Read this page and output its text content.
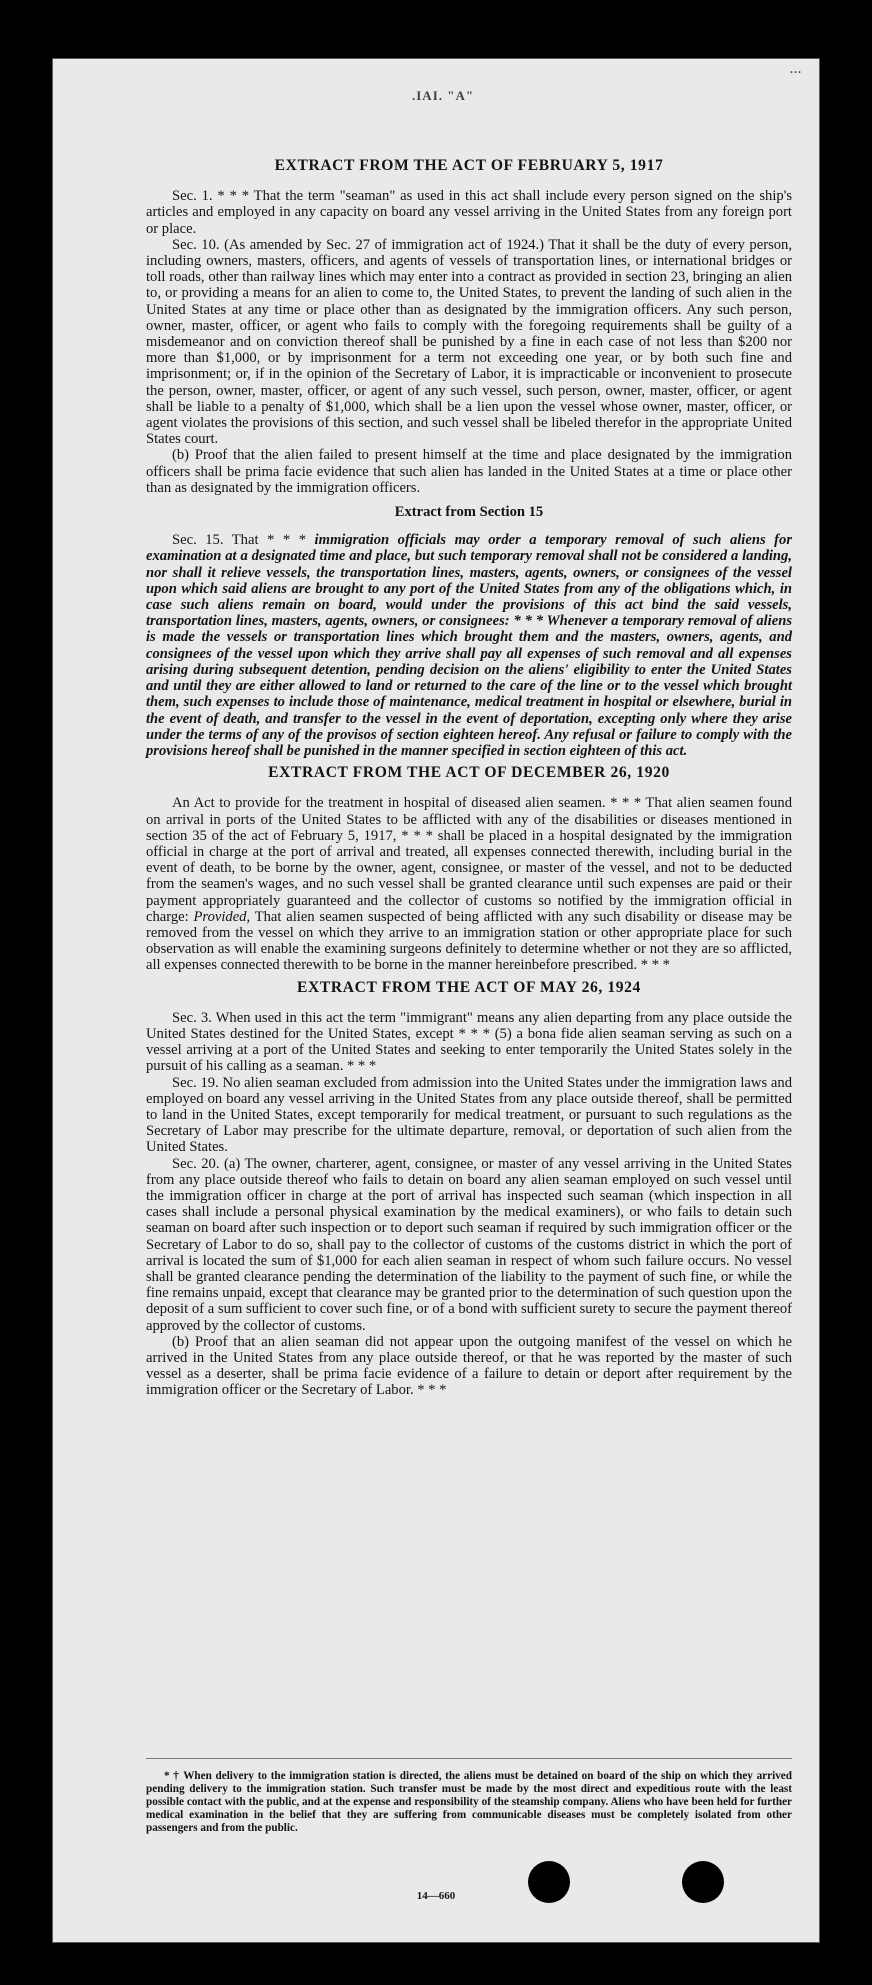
.IAI. "A"
...
EXTRACT FROM THE ACT OF FEBRUARY 5, 1917

Sec. 1. * * * That the term "seaman" as used in this act shall include every person signed on the ship's articles and employed in any capacity on board any vessel arriving in the United States from any foreign port or place.

Sec. 10. (As amended by Sec. 27 of immigration act of 1924.) That it shall be the duty of every person, including owners, masters, officers, and agents of vessels of transportation lines, or international bridges or toll roads, other than railway lines which may enter into a contract as provided in section 23, bringing an alien to, or providing a means for an alien to come to, the United States, to prevent the landing of such alien in the United States at any time or place other than as designated by the immigration officers. Any such person, owner, master, officer, or agent who fails to comply with the foregoing requirements shall be guilty of a misdemeanor and on conviction thereof shall be punished by a fine in each case of not less than $200 nor more than $1,000, or by imprisonment for a term not exceeding one year, or by both such fine and imprisonment; or, if in the opinion of the Secretary of Labor, it is impracticable or inconvenient to prosecute the person, owner, master, officer, or agent of any such vessel, such person, owner, master, officer, or agent shall be liable to a penalty of $1,000, which shall be a lien upon the vessel whose owner, master, officer, or agent violates the provisions of this section, and such vessel shall be libeled therefor in the appropriate United States court.

(b) Proof that the alien failed to present himself at the time and place designated by the immigration officers shall be prima facie evidence that such alien has landed in the United States at a time or place other than as designated by the immigration officers.

Extract from Section 15

Sec. 15. That * * * immigration officials may order a temporary removal of such aliens for examination at a designated time and place, but such temporary removal shall not be considered a landing, nor shall it relieve vessels, the transportation lines, masters, agents, owners, or consignees of the vessel upon which said aliens are brought to any port of the United States from any of the obligations which, in case such aliens remain on board, would under the provisions of this act bind the said vessels, transportation lines, masters, agents, owners, or consignees: * * * Whenever a temporary removal of aliens is made the vessels or transportation lines which brought them and the masters, owners, agents, and consignees of the vessel upon which they arrive shall pay all expenses of such removal and all expenses arising during subsequent detention, pending decision on the aliens' eligibility to enter the United States and until they are either allowed to land or returned to the care of the line or to the vessel which brought them, such expenses to include those of maintenance, medical treatment in hospital or elsewhere, burial in the event of death, and transfer to the vessel in the event of deportation, excepting only where they arise under the terms of any of the provisos of section eighteen hereof. Any refusal or failure to comply with the provisions hereof shall be punished in the manner specified in section eighteen of this act.

EXTRACT FROM THE ACT OF DECEMBER 26, 1920

An Act to provide for the treatment in hospital of diseased alien seamen. * * * That alien seamen found on arrival in ports of the United States to be afflicted with any of the disabilities or diseases mentioned in section 35 of the act of February 5, 1917, * * * shall be placed in a hospital designated by the immigration official in charge at the port of arrival and treated, all expenses connected therewith, including burial in the event of death, to be borne by the owner, agent, consignee, or master of the vessel, and not to be deducted from the seamen's wages, and no such vessel shall be granted clearance until such expenses are paid or their payment appropriately guaranteed and the collector of customs so notified by the immigration official in charge: Provided, That alien seamen suspected of being afflicted with any such disability or disease may be removed from the vessel on which they arrive to an immigration station or other appropriate place for such observation as will enable the examining surgeons definitely to determine whether or not they are so afflicted, all expenses connected therewith to be borne in the manner hereinbefore prescribed. * * *

EXTRACT FROM THE ACT OF MAY 26, 1924

Sec. 3. When used in this act the term "immigrant" means any alien departing from any place outside the United States destined for the United States, except * * * (5) a bona fide alien seaman serving as such on a vessel arriving at a port of the United States and seeking to enter temporarily the United States solely in the pursuit of his calling as a seaman. * * *

Sec. 19. No alien seaman excluded from admission into the United States under the immigration laws and employed on board any vessel arriving in the United States from any place outside thereof, shall be permitted to land in the United States, except temporarily for medical treatment, or pursuant to such regulations as the Secretary of Labor may prescribe for the ultimate departure, removal, or deportation of such alien from the United States.

Sec. 20. (a) The owner, charterer, agent, consignee, or master of any vessel arriving in the United States from any place outside thereof who fails to detain on board any alien seaman employed on such vessel until the immigration officer in charge at the port of arrival has inspected such seaman (which inspection in all cases shall include a personal physical examination by the medical examiners), or who fails to detain such seaman on board after such inspection or to deport such seaman if required by such immigration officer or the Secretary of Labor to do so, shall pay to the collector of customs of the customs district in which the port of arrival is located the sum of $1,000 for each alien seaman in respect of whom such failure occurs. No vessel shall be granted clearance pending the determination of the liability to the payment of such fine, or while the fine remains unpaid, except that clearance may be granted prior to the determination of such question upon the deposit of a sum sufficient to cover such fine, or of a bond with sufficient surety to secure the payment thereof approved by the collector of customs.

(b) Proof that an alien seaman did not appear upon the outgoing manifest of the vessel on which he arrived in the United States from any place outside thereof, or that he was reported by the master of such vessel as a deserter, shall be prima facie evidence of a failure to detain or deport after requirement by the immigration officer or the Secretary of Labor. * * *

* † When delivery to the immigration station is directed, the aliens must be detained on board of the ship on which they arrived pending delivery to the immigration station. Such transfer must be made by the most direct and expeditious route with the least possible contact with the public, and at the expense and responsibility of the steamship company. Aliens who have been held for further medical examination in the belief that they are suffering from communicable diseases must be completely isolated from other passengers and from the public.
14—660
